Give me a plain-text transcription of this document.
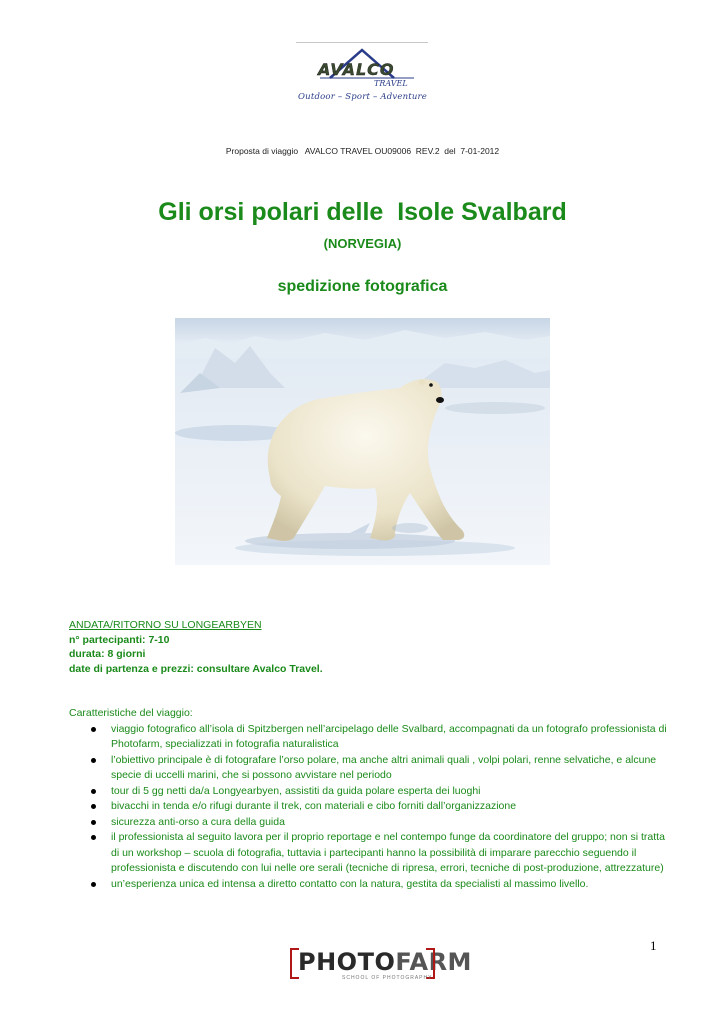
AVALCO
TRAVEL
Outdoor – Sport – Adventure
Proposta di viaggio   AVALCO TRAVEL OU09006  REV.2  del  7-01-2012
Gli orsi polari delle  Isole Svalbard
(NORVEGIA)
spedizione fotografica
ANDATA/RITORNO SU LONGEARBYEN
n° partecipanti: 7-10
durata: 8 giorni
date di partenza e prezzi: consultare Avalco Travel.
Caratteristiche del viaggio:
viaggio fotografico all’isola di Spitzbergen nell’arcipelago delle Svalbard, accompagnati da un fotografo professionista di Photofarm, specializzati in fotografia naturalistica
l’obiettivo principale è di fotografare l’orso polare, ma anche altri animali quali , volpi polari, renne selvatiche, e alcune specie di uccelli marini, che si possono avvistare nel periodo
tour di 5 gg netti da/a Longyearbyen, assistiti da guida polare esperta dei luoghi
bivacchi in tenda e/o rifugi durante il trek, con materiali e cibo forniti dall’organizzazione
sicurezza anti-orso a cura della guida
il professionista al seguito lavora per il proprio reportage e nel contempo funge da coordinatore del gruppo; non si tratta di un workshop – scuola di fotografia, tuttavia i partecipanti hanno la possibilità di imparare parecchio seguendo il professionista e discutendo con lui nelle ore serali (tecniche di ripresa, errori, tecniche di post-produzione, attrezzature)
un’esperienza unica ed intensa a diretto contatto con la natura, gestita da specialisti al massimo livello.
1
PHOTOFARM
SCHOOL OF PHOTOGRAPHY
